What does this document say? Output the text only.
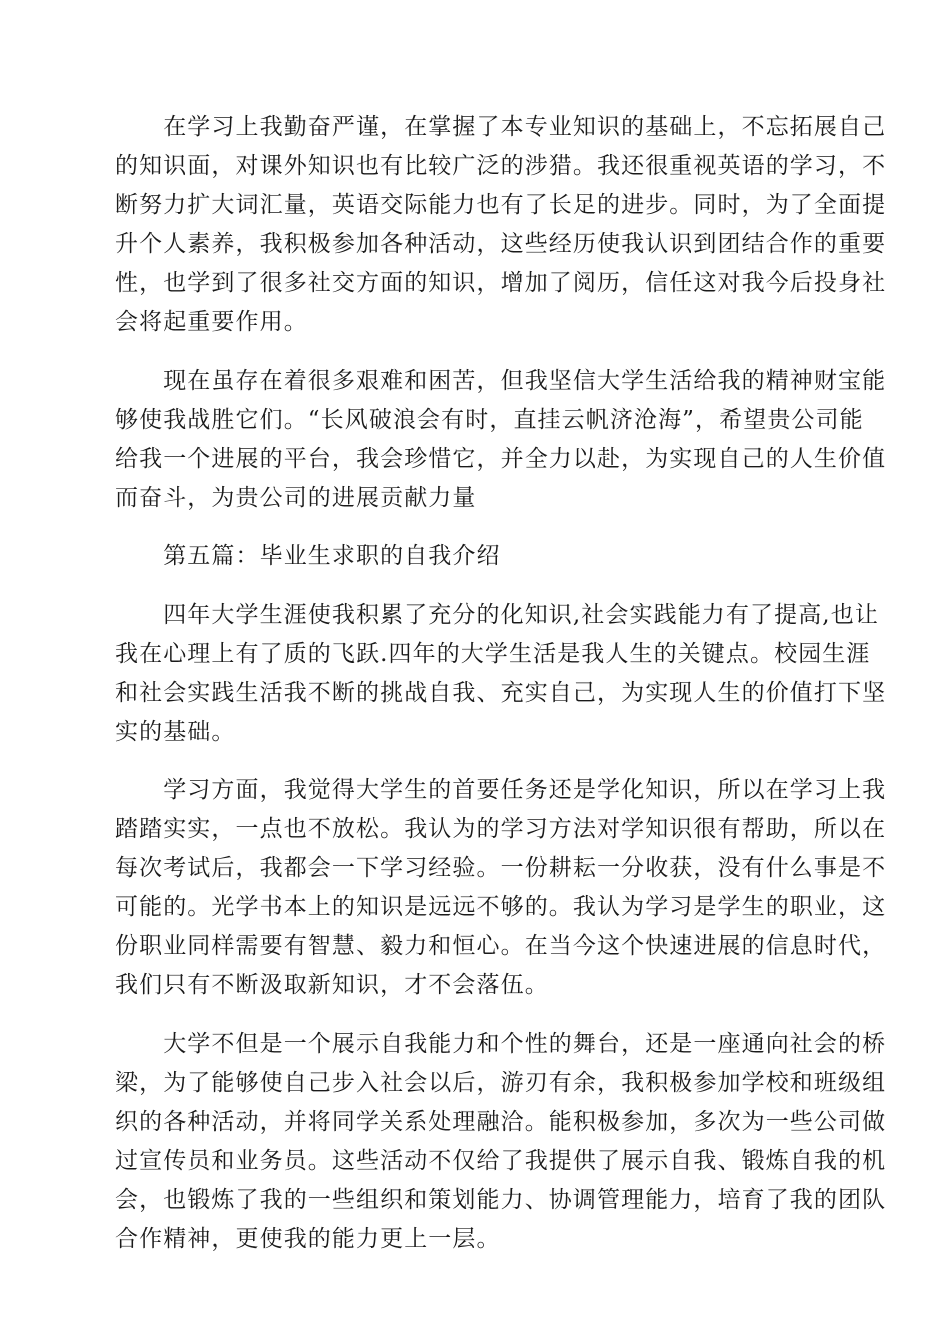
　　在学习上我勤奋严谨，在掌握了本专业知识的基础上，不忘拓展自己
的知识面，对课外知识也有比较广泛的涉猎。我还很重视英语的学习，不
断努力扩大词汇量，英语交际能力也有了长足的进步。同时，为了全面提
升个人素养，我积极参加各种活动，这些经历使我认识到团结合作的重要
性，也学到了很多社交方面的知识，增加了阅历，信任这对我今后投身社
会将起重要作用。

　　现在虽存在着很多艰难和困苦，但我坚信大学生活给我的精神财宝能
够使我战胜它们。“长风破浪会有时，直挂云帆济沧海”，希望贵公司能
给我一个进展的平台，我会珍惜它，并全力以赴，为实现自己的人生价值
而奋斗，为贵公司的进展贡献力量

　　第五篇：毕业生求职的自我介绍

　　四年大学生涯使我积累了充分的化知识,社会实践能力有了提高,也让
我在心理上有了质的飞跃.四年的大学生活是我人生的关键点。校园生涯
和社会实践生活我不断的挑战自我、充实自己，为实现人生的价值打下坚
实的基础。

　　学习方面，我觉得大学生的首要任务还是学化知识，所以在学习上我
踏踏实实，一点也不放松。我认为的学习方法对学知识很有帮助，所以在
每次考试后，我都会一下学习经验。一份耕耘一分收获，没有什么事是不
可能的。光学书本上的知识是远远不够的。我认为学习是学生的职业，这
份职业同样需要有智慧、毅力和恒心。在当今这个快速进展的信息时代，
我们只有不断汲取新知识，才不会落伍。

　　大学不但是一个展示自我能力和个性的舞台，还是一座通向社会的桥
梁，为了能够使自己步入社会以后，游刃有余，我积极参加学校和班级组
织的各种活动，并将同学关系处理融洽。能积极参加，多次为一些公司做
过宣传员和业务员。这些活动不仅给了我提供了展示自我、锻炼自我的机
会，也锻炼了我的一些组织和策划能力、协调管理能力，培育了我的团队
合作精神，更使我的能力更上一层。
